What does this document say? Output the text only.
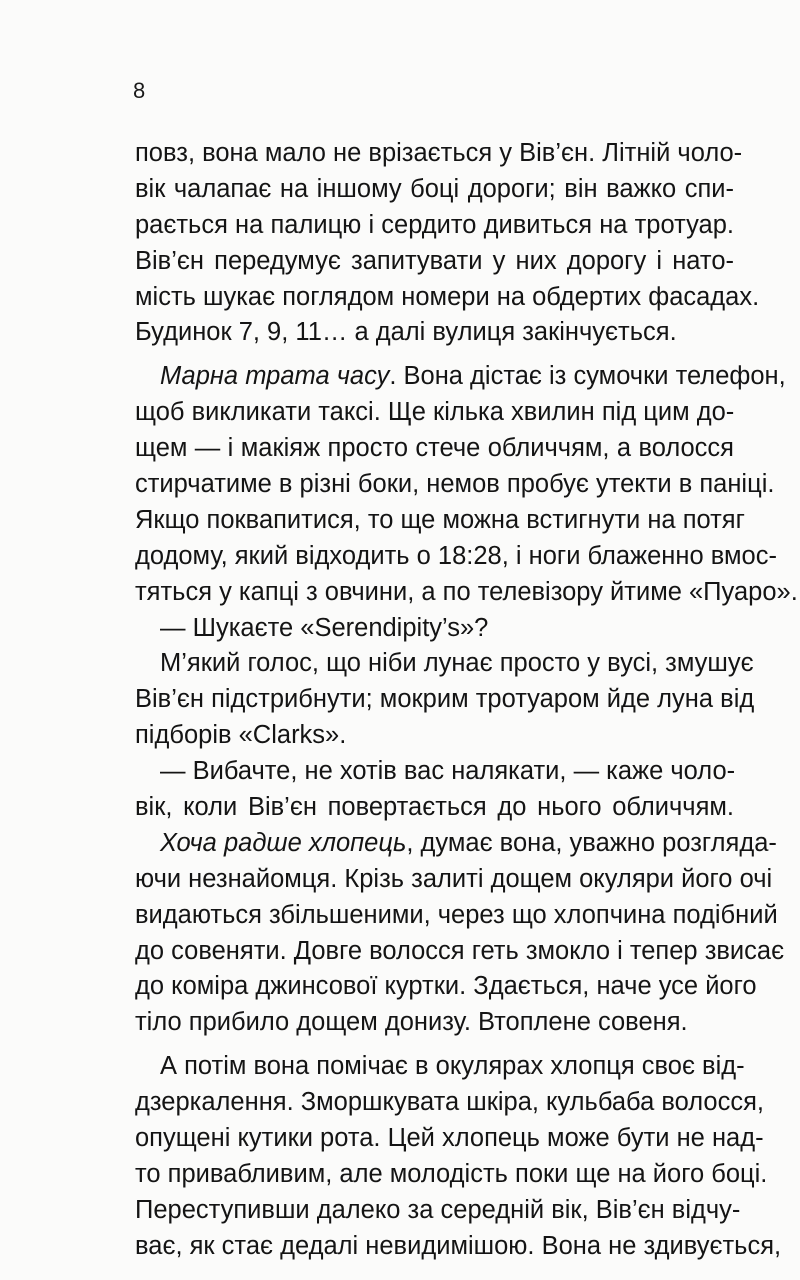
8
повз, вона мало не врізається у Вів’єн. Літній чоло-
вік чалапає на іншому боці дороги; він важко спи-
рається на палицю і сердито дивиться на тротуар.
Вів’єн передумує запитувати у них дорогу і нато-
мість шукає поглядом номери на обдертих фасадах.
Будинок 7, 9, 11… а далі вулиця закінчується.
Марна трата часу. Вона дістає із сумочки телефон,
щоб викликати таксі. Ще кілька хвилин під цим до-
щем — і макіяж просто стече обличчям, а волосся
стирчатиме в різні боки, немов пробує утекти в паніці.
Якщо поквапитися, то ще можна встигнути на потяг
додому, який відходить о 18:28, і ноги блаженно вмос-
тяться у капці з овчини, а по телевізору йтиме «Пуаро».
— Шукаєте «Serendipity’s»?
М’який голос, що ніби лунає просто у вусі, змушує
Вів’єн підстрибнути; мокрим тротуаром йде луна від
підборів «Clarks».
— Вибачте, не хотів вас налякати, — каже чоло-
вік, коли Вів’єн повертається до нього обличчям.
Хоча радше хлопець, думає вона, уважно розгляда-
ючи незнайомця. Крізь залиті дощем окуляри його очі
видаються збільшеними, через що хлопчина подібний
до совеняти. Довге волосся геть змокло і тепер звисає
до коміра джинсової куртки. Здається, наче усе його
тіло прибило дощем донизу. Втоплене совеня.
А потім вона помічає в окулярах хлопця своє від-
дзеркалення. Зморшкувата шкіра, кульбаба волосся,
опущені кутики рота. Цей хлопець може бути не над-
то привабливим, але молодість поки ще на його боці.
Переступивши далеко за середній вік, Вів’єн відчу-
ває, як стає дедалі невидимішою. Вона не здивується,
